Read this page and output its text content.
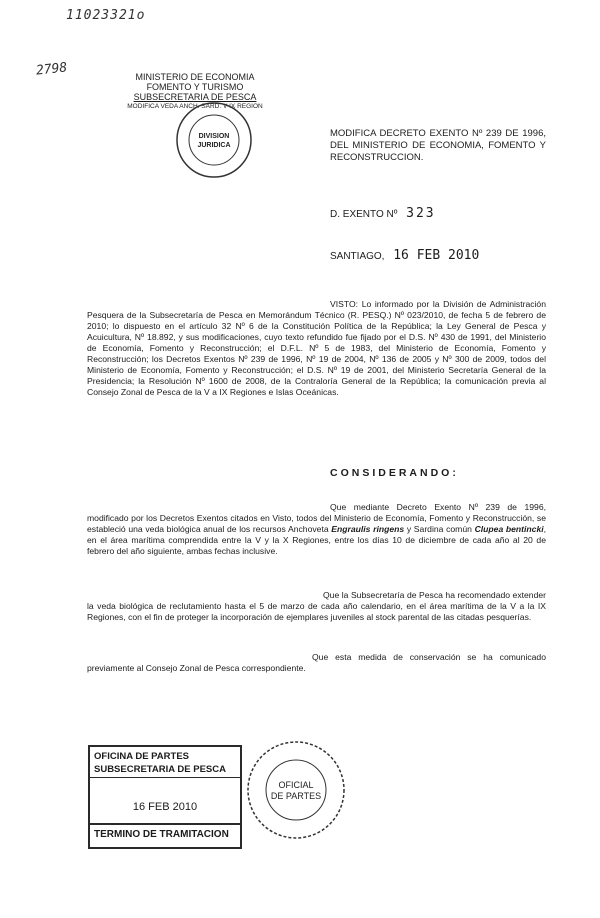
11023321o
2798	MINISTERIO DE ECONOMIA
FOMENTO Y TURISMO
SUBSECRETARIA DE PESCA
MODIFICA VEDA ANCH. SARD. V-IX REGION
DIVISION
JURIDICA
MODIFICA DECRETO EXENTO Nº 239 DE 1996, DEL MINISTERIO DE ECONOMIA, FOMENTO Y RECONSTRUCCION.
D. EXENTO Nº 323
SANTIAGO, 16 FEB 2010
VISTO: Lo informado por la División de Administración Pesquera de la Subsecretaría de Pesca en Memorándum Técnico (R. PESQ.) Nº 023/2010, de fecha 5 de febrero de 2010; lo dispuesto en el artículo 32 Nº 6 de la Constitución Política de la República; la Ley General de Pesca y Acuicultura, Nº 18.892, y sus modificaciones, cuyo texto refundido fue fijado por el D.S. Nº 430 de 1991, del Ministerio de Economía, Fomento y Reconstrucción; el D.F.L. Nº 5 de 1983, del Ministerio de Economía, Fomento y Reconstrucción; los Decretos Exentos Nº 239 de 1996, Nº 19 de 2004, Nº 136 de 2005 y Nº 300 de 2009, todos del Ministerio de Economía, Fomento y Reconstrucción; el D.S. Nº 19 de 2001, del Ministerio Secretaría General de la Presidencia; la Resolución Nº 1600 de 2008, de la Contraloría General de la República; la comunicación previa al Consejo Zonal de Pesca de la V a IX Regiones e Islas Oceánicas.
CONSIDERANDO:
Que mediante Decreto Exento Nº 239 de 1996, modificado por los Decretos Exentos citados en Visto, todos del Ministerio de Economía, Fomento y Reconstrucción, se estableció una veda biológica anual de los recursos Anchoveta Engraulis ringens y Sardina común Clupea bentincki, en el área marítima comprendida entre la V y la X Regiones, entre los días 10 de diciembre de cada año al 20 de febrero del año siguiente, ambas fechas inclusive.
Que la Subsecretaría de Pesca ha recomendado extender la veda biológica de reclutamiento hasta el 5 de marzo de cada año calendario, en el área marítima de la V a la IX Regiones, con el fin de proteger la incorporación de ejemplares juveniles al stock parental de las citadas pesquerías.
Que esta medida de conservación se ha comunicado previamente al Consejo Zonal de Pesca correspondiente.
OFICINA DE PARTES
SUBSECRETARIA DE PESCA
16 FEB 2010
TERMINO DE TRAMITACION
OFICIAL
DE PARTES
